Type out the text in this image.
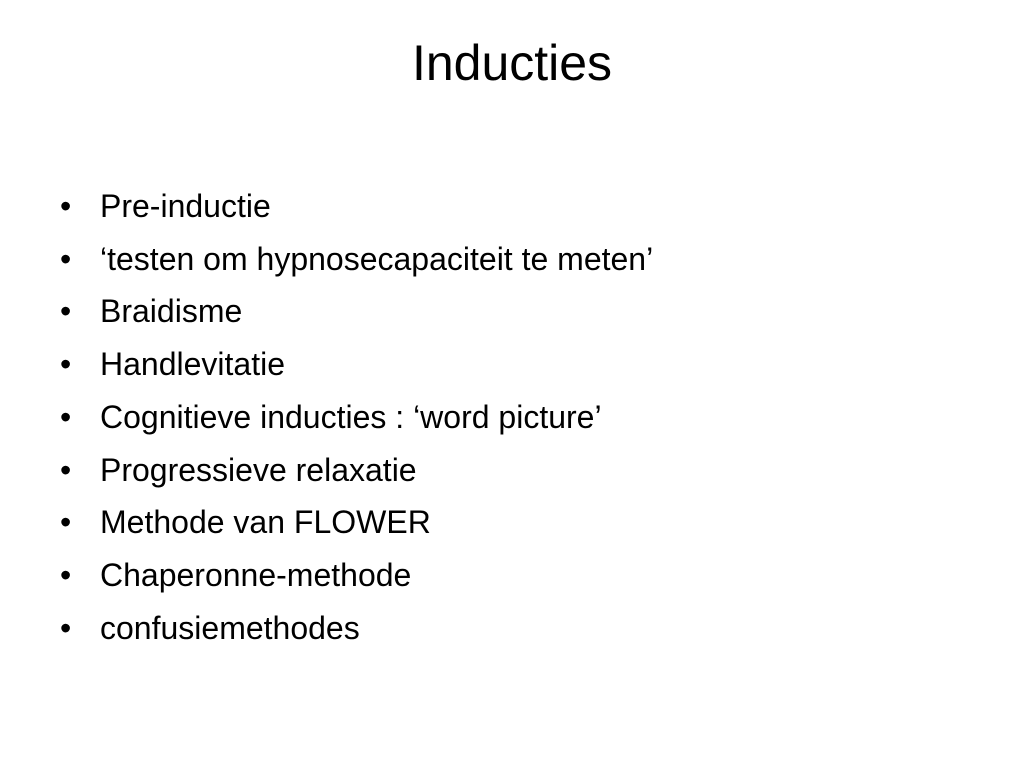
Inducties
• Pre-inductie
• ‘testen om hypnosecapaciteit te meten’
• Braidisme
• Handlevitatie
• Cognitieve inducties : ‘word picture’
• Progressieve relaxatie
• Methode van FLOWER
• Chaperonne-methode
• confusiemethodes
